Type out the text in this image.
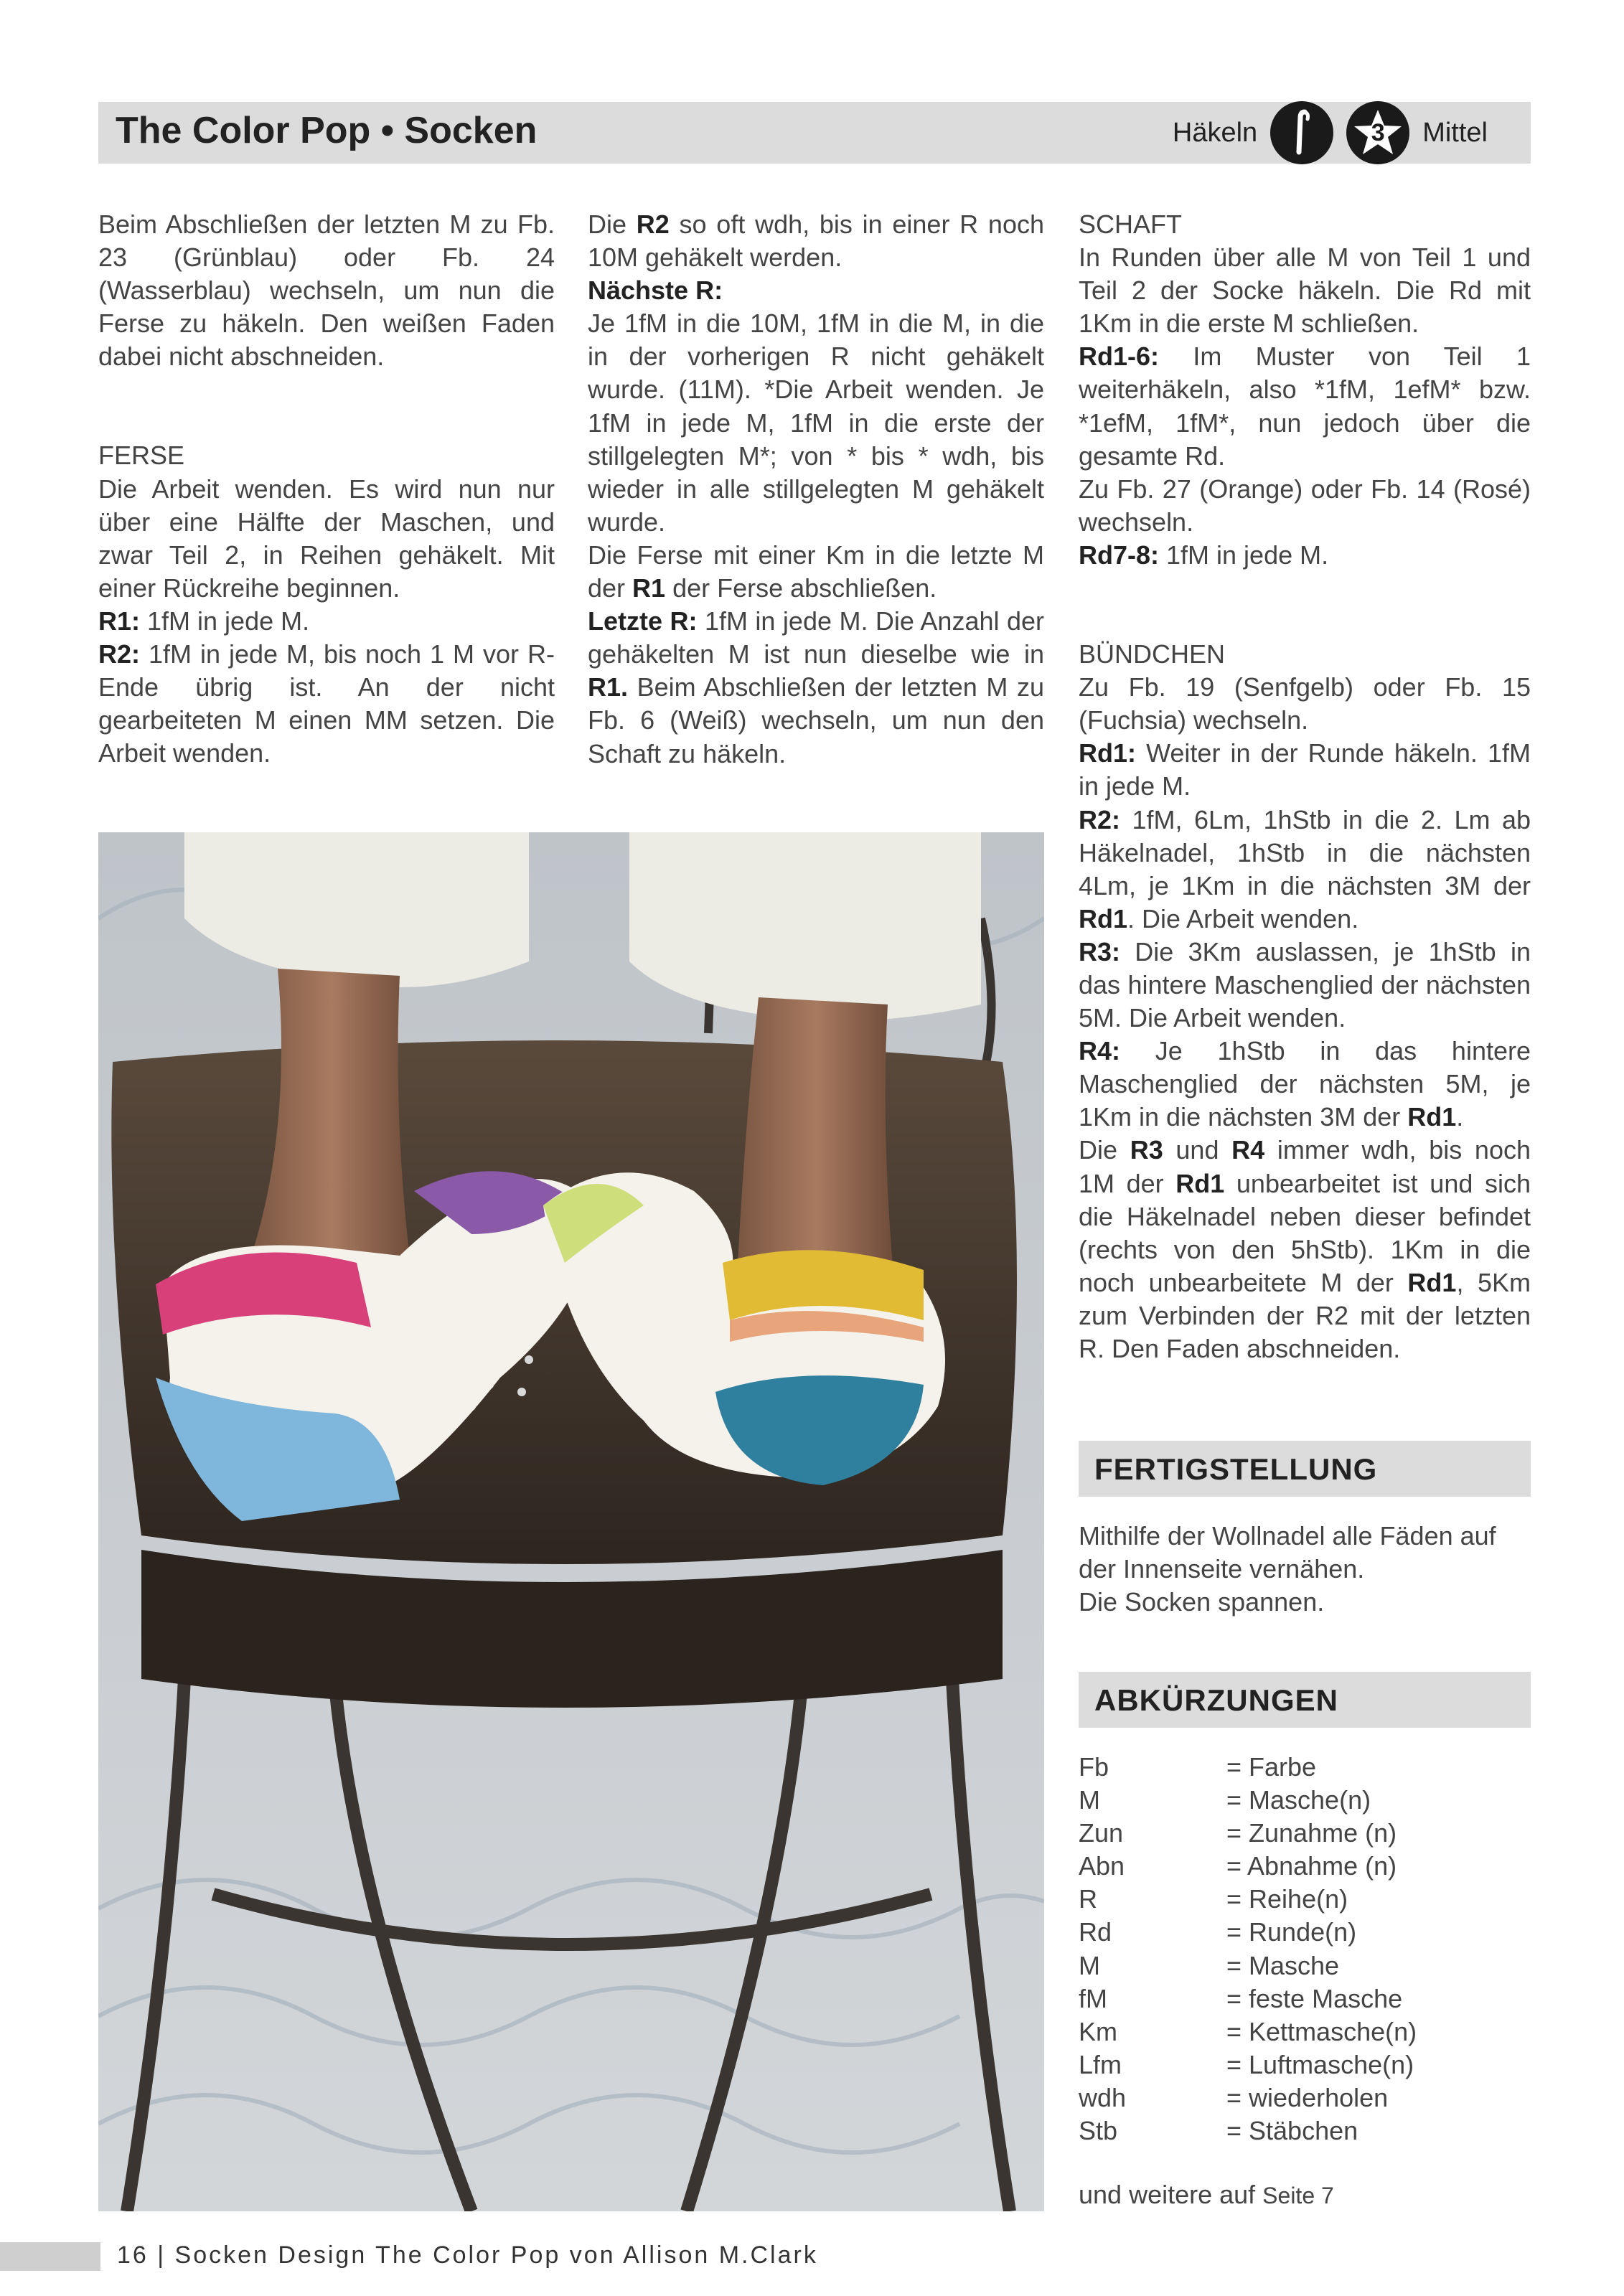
The Color Pop • Socken	Häkeln	3	Mittel

Beim Abschließen der letzten M zu Fb. 23 (Grünblau) oder Fb. 24 (Wasserblau) wechseln, um nun die Ferse zu häkeln. Den weißen Faden dabei nicht abschneiden.

FERSE

Die Arbeit wenden. Es wird nun nur über eine Hälfte der Maschen, und zwar Teil 2, in Reihen gehäkelt. Mit einer Rückreihe beginnen.

R1: 1fM in jede M.

R2: 1fM in jede M, bis noch 1 M vor R-Ende übrig ist. An der nicht gearbeiteten M einen MM setzen. Die Arbeit wenden.

Die R2 so oft wdh, bis in einer R noch 10M gehäkelt werden.

Nächste R:

Je 1fM in die 10M, 1fM in die M, in die in der vorherigen R nicht gehäkelt wurde. (11M). *Die Arbeit wenden. Je 1fM in jede M, 1fM in die erste der stillgelegten M*; von * bis * wdh, bis wieder in alle stillgelegten M gehäkelt wurde.

Die Ferse mit einer Km in die letzte M der R1 der Ferse abschließen.

Letzte R: 1fM in jede M. Die Anzahl der gehäkelten M ist nun dieselbe wie in R1. Beim Abschließen der letzten M zu Fb. 6 (Weiß) wechseln, um nun den Schaft zu häkeln.

SCHAFT

In Runden über alle M von Teil 1 und Teil 2 der Socke häkeln. Die Rd mit 1Km in die erste M schließen.

Rd1-6: Im Muster von Teil 1 weiterhäkeln, also *1fM, 1efM* bzw. *1efM, 1fM*, nun jedoch über die gesamte Rd.

Zu Fb. 27 (Orange) oder Fb. 14 (Rosé) wechseln.

Rd7-8: 1fM in jede M.

BÜNDCHEN

Zu Fb. 19 (Senfgelb) oder Fb. 15 (Fuchsia) wechseln.

Rd1: Weiter in der Runde häkeln. 1fM in jede M.

R2: 1fM, 6Lm, 1hStb in die 2. Lm ab Häkelnadel, 1hStb in die nächsten 4Lm, je 1Km in die nächsten 3M der Rd1. Die Arbeit wenden.

R3: Die 3Km auslassen, je 1hStb in das hintere Maschenglied der nächsten 5M. Die Arbeit wenden.

R4: Je 1hStb in das hintere Maschenglied der nächsten 5M, je 1Km in die nächsten 3M der Rd1.

Die R3 und R4 immer wdh, bis noch 1M der Rd1 unbearbeitet ist und sich die Häkelnadel neben dieser befindet (rechts von den 5hStb). 1Km in die noch unbearbeitete M der Rd1, 5Km zum Verbinden der R2 mit der letzten R. Den Faden abschneiden.

FERTIGSTELLUNG

Mithilfe der Wollnadel alle Fäden auf der Innenseite vernähen.

Die Socken spannen.

ABKÜRZUNGEN
Fb	= Farbe
M	= Masche(n)
Zun	= Zunahme (n)
Abn	= Abnahme (n)
R	= Reihe(n)
Rd	= Runde(n)
M	= Masche
fM	= feste Masche
Km	= Kettmasche(n)
Lfm	= Luftmasche(n)
wdh	= wiederholen
Stb	= Stäbchen

und weitere auf Seite 7

16 | Socken Design The Color Pop von Allison M.Clark
